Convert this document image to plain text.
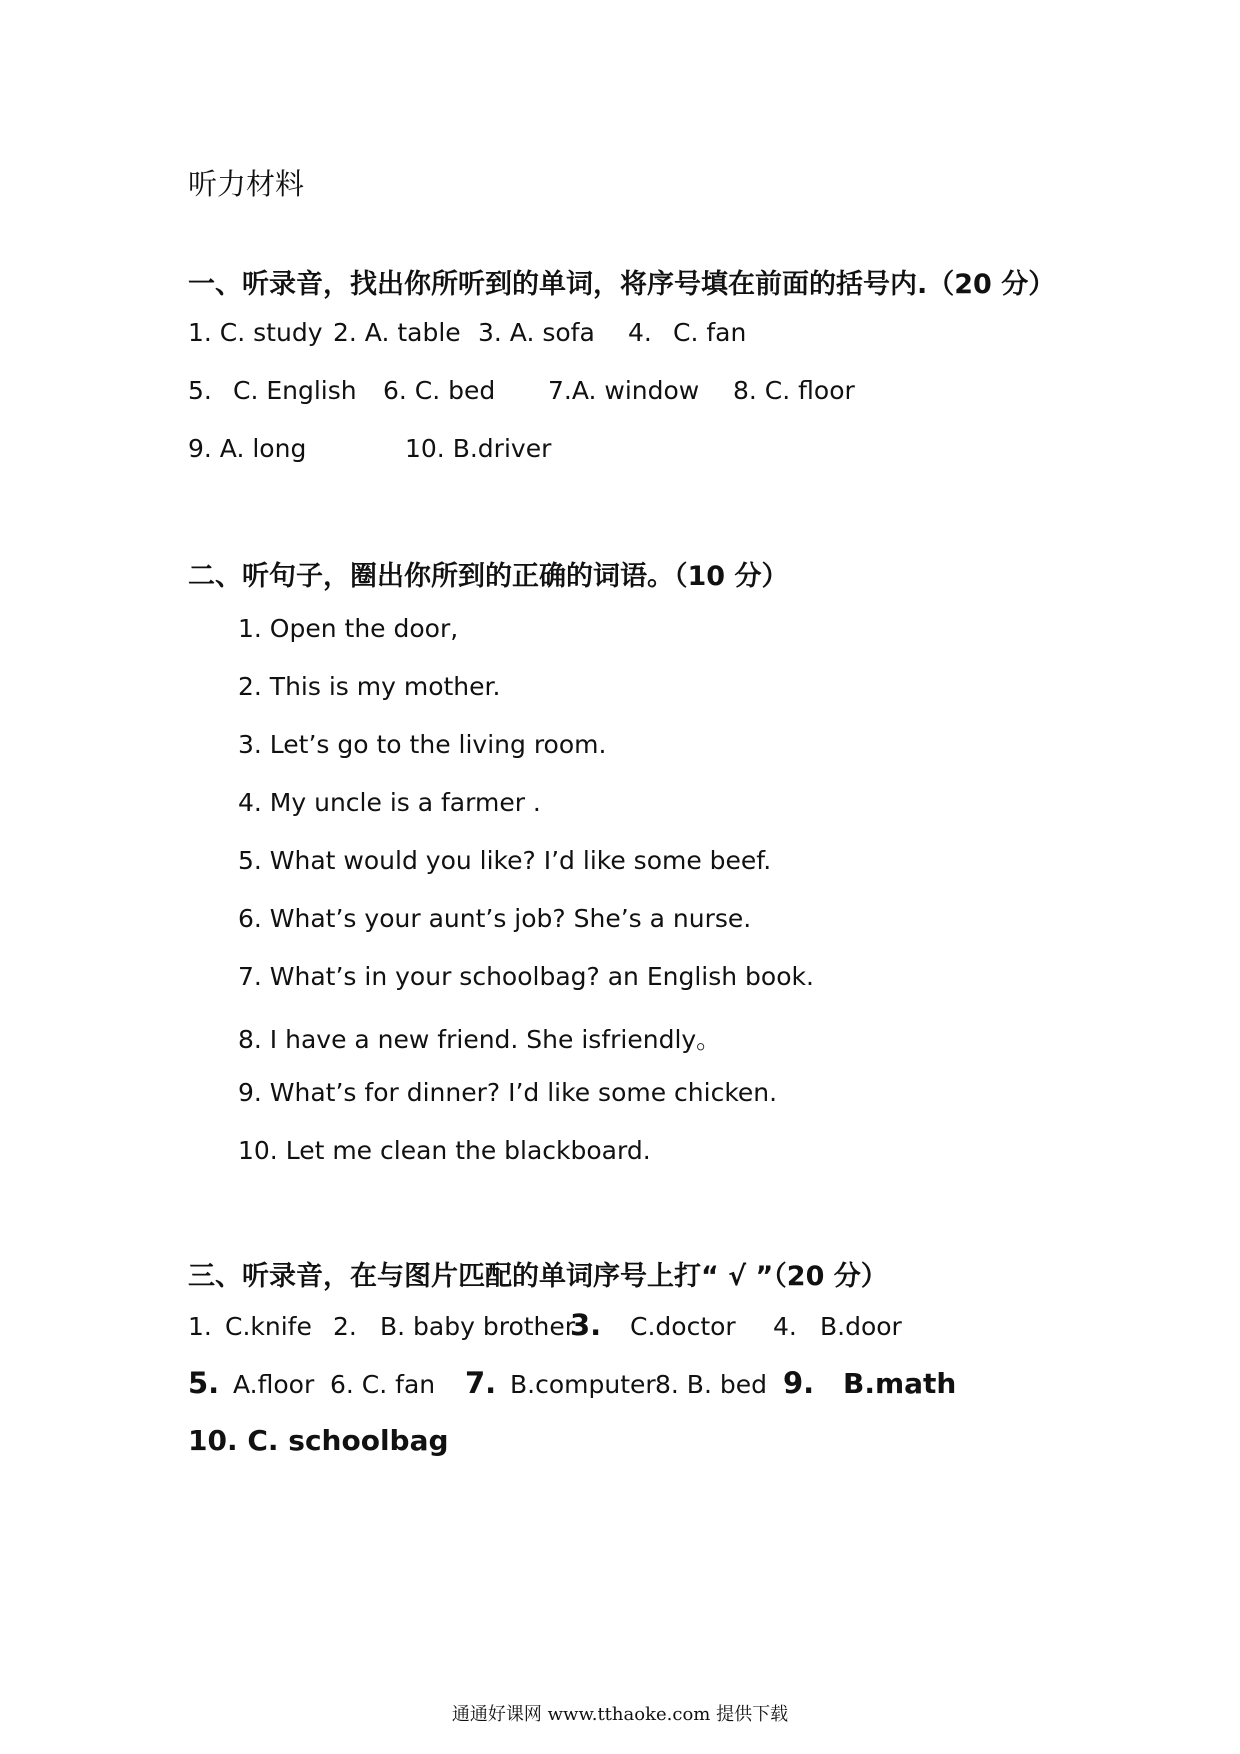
听力材料
一、听录音，找出你所听到的单词，将序号填在前面的括号内.（20 分）
1. C. study 2. A. table 3. A. sofa 4. C. fan
5. C. English 6. C. bed 7.A. window 8. C. floor
9. A. long	10. B.driver
二、听句子，圈出你所到的正确的词语。（10 分）
1. Open the door,
2. This is my mother.
3. Let’s go to the living room.
4. My uncle is a farmer .
5. What would you like? I’d like some beef.
6. What’s your aunt’s job? She’s a nurse.
7. What’s in your schoolbag? an English book.
8. I have a new friend. She isfriendly。
9. What’s for dinner? I’d like some chicken.
10. Let me clean the blackboard.
三、听录音，在与图片匹配的单词序号上打“ √ ”（20 分）
1. C.knife 2. B. baby brother
3. C.doctor 4. B.door
5. A.floor 6. C. fan 7. B.computer 8. B. bed 9. B.math
10. C. schoolbag
通通好课网 www.tthaoke.com 提供下载
